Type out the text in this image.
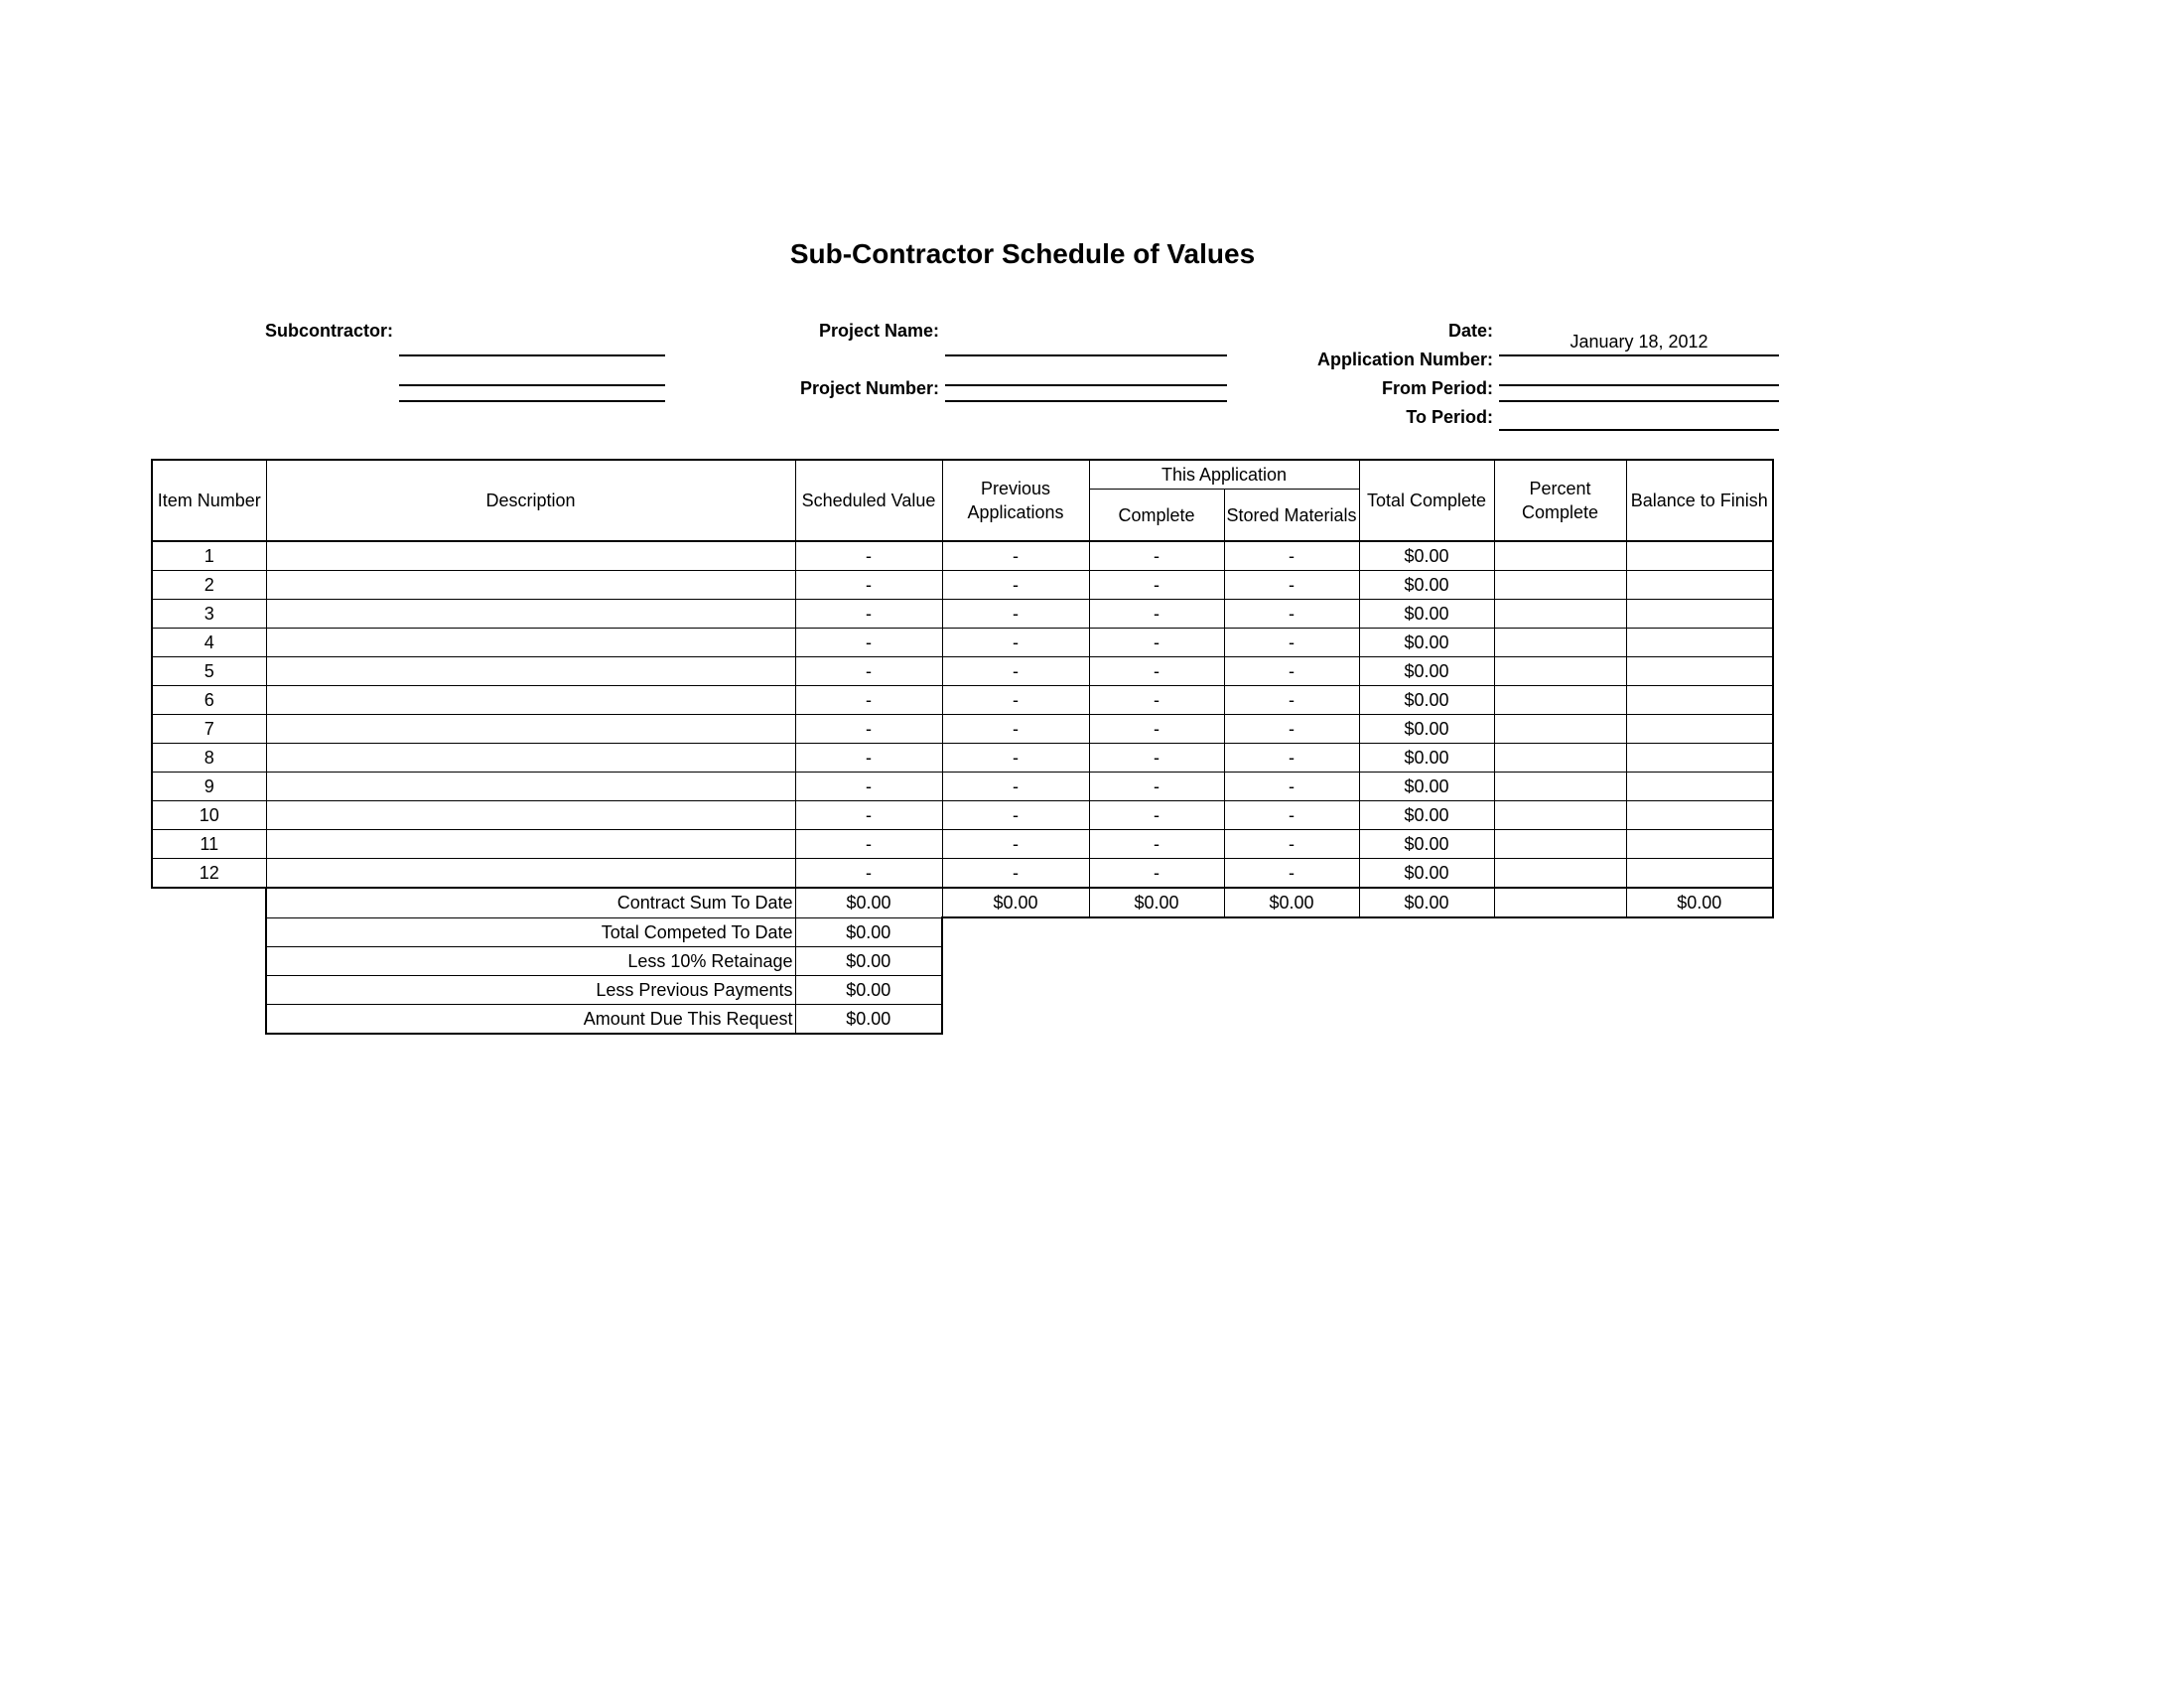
Sub-Contractor Schedule of Values
Subcontractor:	Project Name:
Project Number:
Date:
January 18, 2012
Application Number:
From Period:
To Period:
Item Number	Description	Scheduled Value	Previous Applications	This Application		Total Complete	Percent Complete	Balance to Finish
				Complete	Stored Materials			
1		-	-	-	-	$0.00		
2		-	-	-	-	$0.00		
3		-	-	-	-	$0.00		
4		-	-	-	-	$0.00		
5		-	-	-	-	$0.00		
6		-	-	-	-	$0.00		
7		-	-	-	-	$0.00		
8		-	-	-	-	$0.00		
9		-	-	-	-	$0.00		
10		-	-	-	-	$0.00		
11		-	-	-	-	$0.00		
12		-	-	-	-	$0.00		
	Contract Sum To Date	$0.00	$0.00	$0.00	$0.00	$0.00		$0.00
	Total Competed To Date	$0.00						
	Less 10% Retainage	$0.00						
	Less Previous Payments	$0.00						
	Amount Due This Request	$0.00						
